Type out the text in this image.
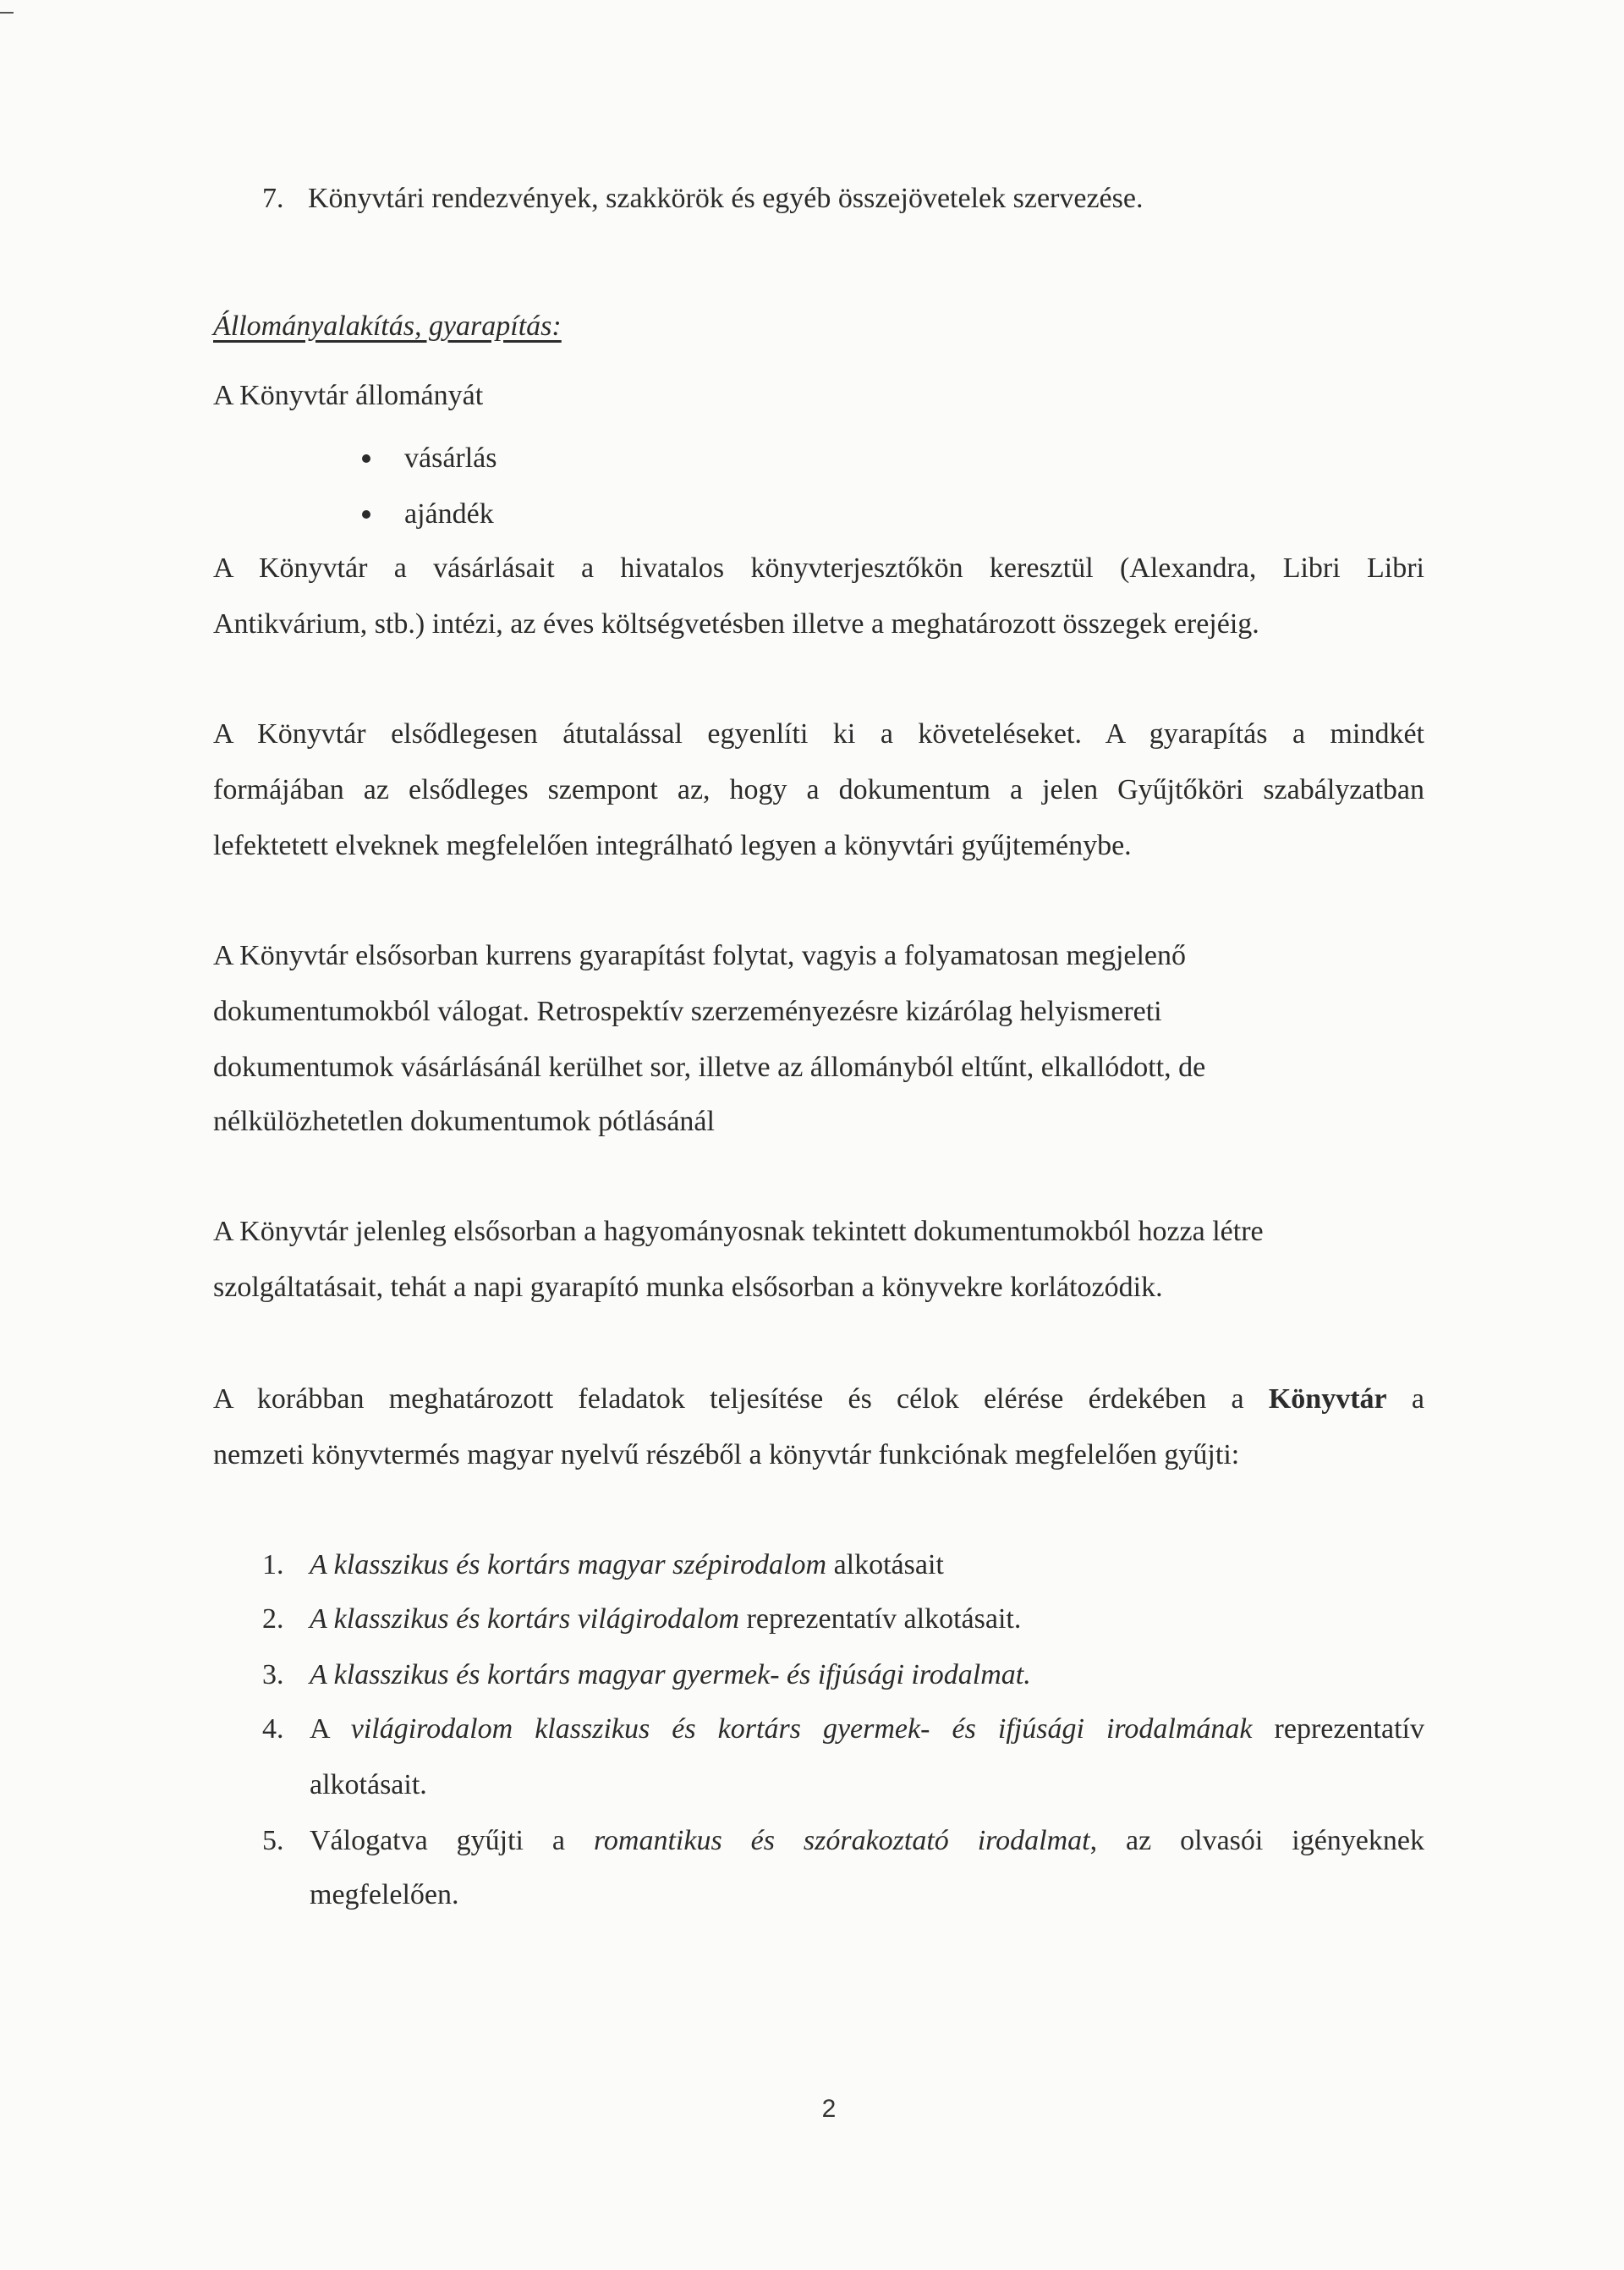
7. Könyvtári rendezvények, szakkörök és egyéb összejövetelek szervezése.
Állományalakítás, gyarapítás:
A Könyvtár állományát
vásárlás
ajándék
A Könyvtár a vásárlásait a hivatalos könyvterjesztőkön keresztül (Alexandra, Libri Libri
Antikvárium, stb.) intézi, az éves költségvetésben illetve a meghatározott összegek erejéig.
A Könyvtár elsődlegesen átutalással egyenlíti ki a követeléseket. A gyarapítás a mindkét
formájában az elsődleges szempont az, hogy a dokumentum a jelen Gyűjtőköri szabályzatban
lefektetett elveknek megfelelően integrálható legyen a könyvtári gyűjteménybe.
A Könyvtár elsősorban kurrens gyarapítást folytat, vagyis a folyamatosan megjelenő
dokumentumokból válogat. Retrospektív szerzeményezésre kizárólag helyismereti
dokumentumok vásárlásánál kerülhet sor, illetve az állományból eltűnt, elkallódott, de
nélkülözhetetlen dokumentumok pótlásánál
A Könyvtár jelenleg elsősorban a hagyományosnak tekintett dokumentumokból hozza létre
szolgáltatásait, tehát a napi gyarapító munka elsősorban a könyvekre korlátozódik.
A korábban meghatározott feladatok teljesítése és célok elérése érdekében a Könyvtár a
nemzeti könyvtermés magyar nyelvű részéből a könyvtár funkciónak megfelelően gyűjti:
1. A klasszikus és kortárs magyar szépirodalom alkotásait
2. A klasszikus és kortárs világirodalom reprezentatív alkotásait.
3. A klasszikus és kortárs magyar gyermek- és ifjúsági irodalmat.
4. A világirodalom klasszikus és kortárs gyermek- és ifjúsági irodalmának reprezentatív
alkotásait.
5. Válogatva gyűjti a romantikus és szórakoztató irodalmat, az olvasói igényeknek
megfelelően.
2
